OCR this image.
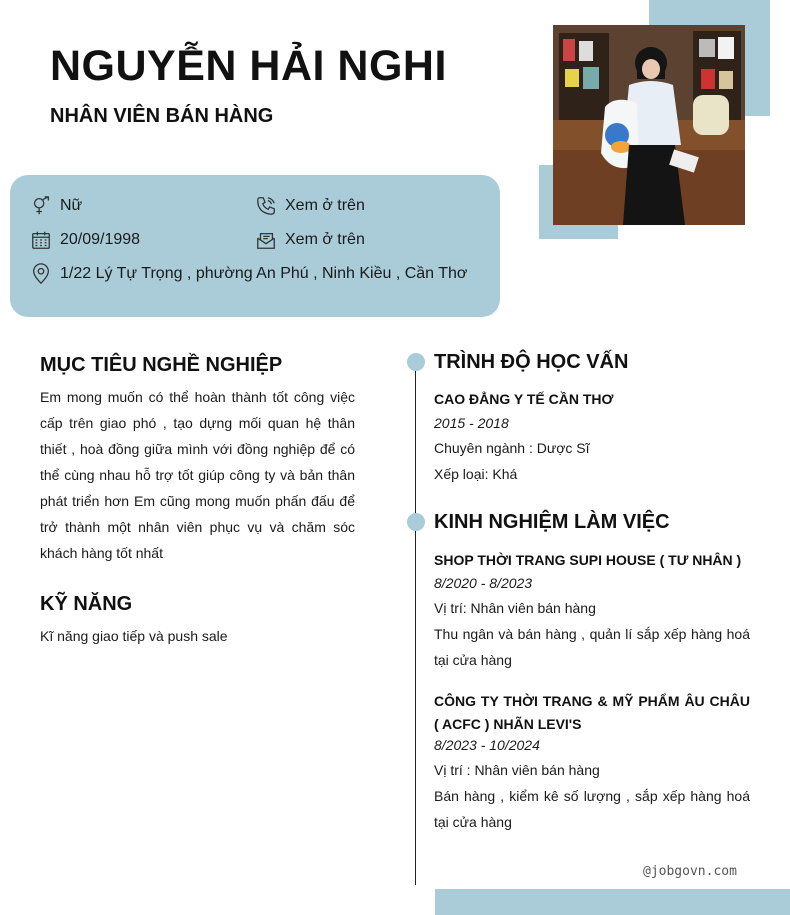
NGUYỄN HẢI NGHI
NHÂN VIÊN BÁN HÀNG
Nữ	Xem ở trên
20/09/1998	Xem ở trên
1/22 Lý Tự Trọng , phường An Phú , Ninh Kiều , Cần Thơ
MỤC TIÊU NGHỀ NGHIỆP
Em mong muốn có thể hoàn thành tốt công việc cấp trên giao phó , tạo dựng mối quan hệ thân thiết , hoà đồng giữa mình với đồng nghiệp để có thể cùng nhau hỗ trợ tốt giúp công ty và bản thân phát triển hơn Em cũng mong muốn phấn đấu để trở thành một nhân viên phục vụ và chăm sóc khách hàng tốt nhất
KỸ NĂNG
Kĩ năng giao tiếp và push sale
TRÌNH ĐỘ HỌC VẤN
CAO ĐẲNG Y TẾ CẦN THƠ
2015 - 2018
Chuyên ngành : Dược Sĩ
Xếp loại: Khá
KINH NGHIỆM LÀM VIỆC
SHOP THỜI TRANG SUPI HOUSE ( TƯ NHÂN )
8/2020 - 8/2023
Vị trí: Nhân viên bán hàng
Thu ngân và bán hàng , quản lí sắp xếp hàng hoá tại cửa hàng
CÔNG TY THỜI TRANG & MỸ PHẨM ÂU CHÂU ( ACFC ) NHÃN LEVI'S
8/2023 - 10/2024
Vị trí : Nhân viên bán hàng
Bán hàng , kiểm kê số lượng , sắp xếp hàng hoá tại cửa hàng
@jobgovn.com
